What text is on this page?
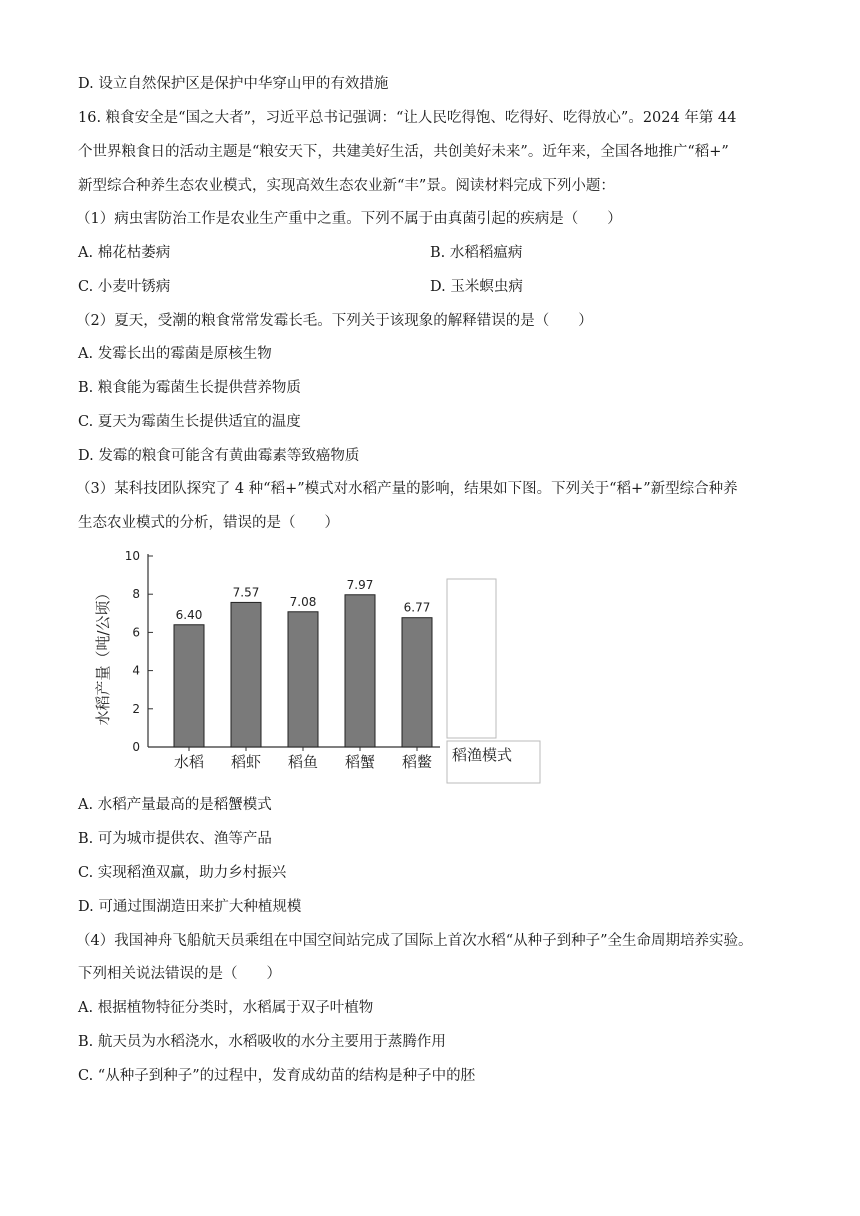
D. 设立自然保护区是保护中华穿山甲的有效措施
16. 粮食安全是“国之大者”，习近平总书记强调：“让人民吃得饱、吃得好、吃得放心”。2024 年第 44
个世界粮食日的活动主题是“粮安天下，共建美好生活，共创美好未来”。近年来，全国各地推广“稻+”
新型综合种养生态农业模式，实现高效生态农业新“丰”景。阅读材料完成下列小题：
（1）病虫害防治工作是农业生产重中之重。下列不属于由真菌引起的疾病是（　　）
A. 棉花枯萎病	B. 水稻稻瘟病
C. 小麦叶锈病	D. 玉米螟虫病
（2）夏天，受潮的粮食常常发霉长毛。下列关于该现象的解释错误的是（　　）
A. 发霉长出的霉菌是原核生物
B. 粮食能为霉菌生长提供营养物质
C. 夏天为霉菌生长提供适宜的温度
D. 发霉的粮食可能含有黄曲霉素等致癌物质
（3）某科技团队探究了 4 种“稻+”模式对水稻产量的影响，结果如下图。下列关于“稻+”新型综合种养
生态农业模式的分析，错误的是（　　）
0
2
4
6
8
10
水稻产量（吨/公顷）	6.40
水稻
7.57
稻虾
7.08
稻鱼
7.97
稻蟹
6.77
稻鳖 稻渔模式
A. 水稻产量最高的是稻蟹模式
B. 可为城市提供农、渔等产品
C. 实现稻渔双赢，助力乡村振兴
D. 可通过围湖造田来扩大种植规模
（4）我国神舟飞船航天员乘组在中国空间站完成了国际上首次水稻“从种子到种子”全生命周期培养实验。
下列相关说法错误的是（　　）
A. 根据植物特征分类时，水稻属于双子叶植物
B. 航天员为水稻浇水，水稻吸收的水分主要用于蒸腾作用
C. “从种子到种子”的过程中，发育成幼苗的结构是种子中的胚
